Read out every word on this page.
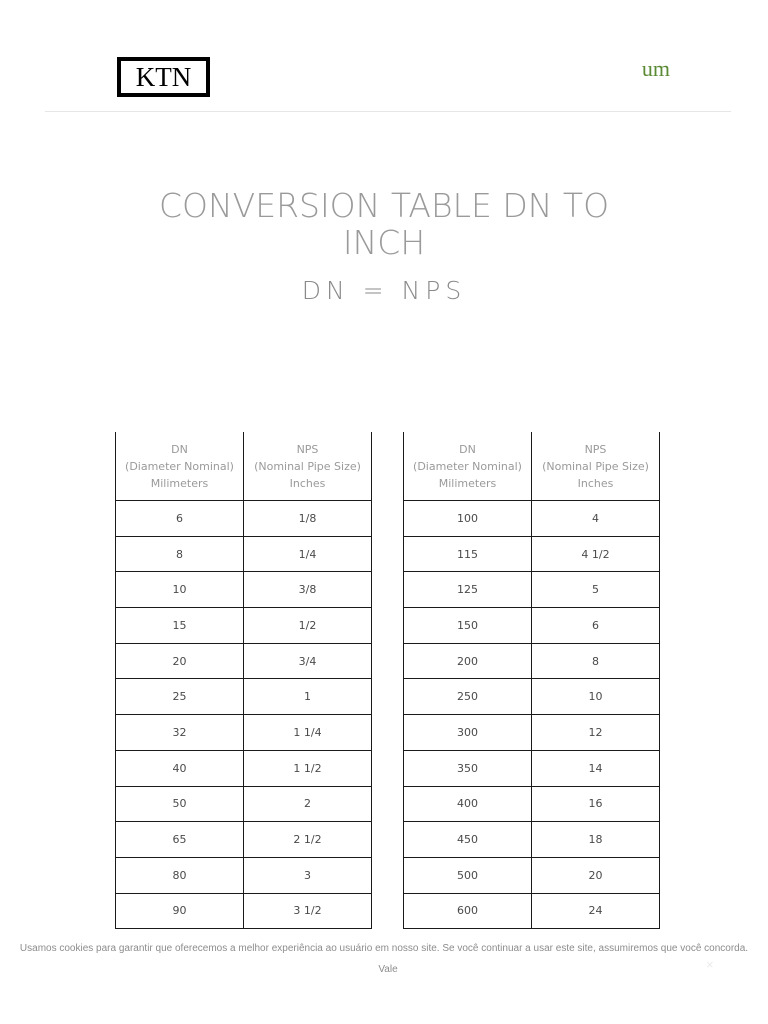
KTN	um
CONVERSION TABLE DN TO INCH
DN = NPS
DN
(Diameter Nominal)
Milimeters	NPS
(Nominal Pipe Size)
Inches

6	1/8
8	1/4
10	3/8
15	1/2
20	3/4
25	1
32	1 1/4
40	1 1/2
50	2
65	2 1/2
80	3
90	3 1/2
DN
(Diameter Nominal)
Milimeters	NPS
(Nominal Pipe Size)
Inches

100	4
115	4 1/2
125	5
150	6
200	8
250	10
300	12
350	14
400	16
450	18
500	20
600	24
Usamos cookies para garantir que oferecemos a melhor experiência ao usuário em nosso site. Se você continuar a usar este site, assumiremos que você concorda.
Vale	×
